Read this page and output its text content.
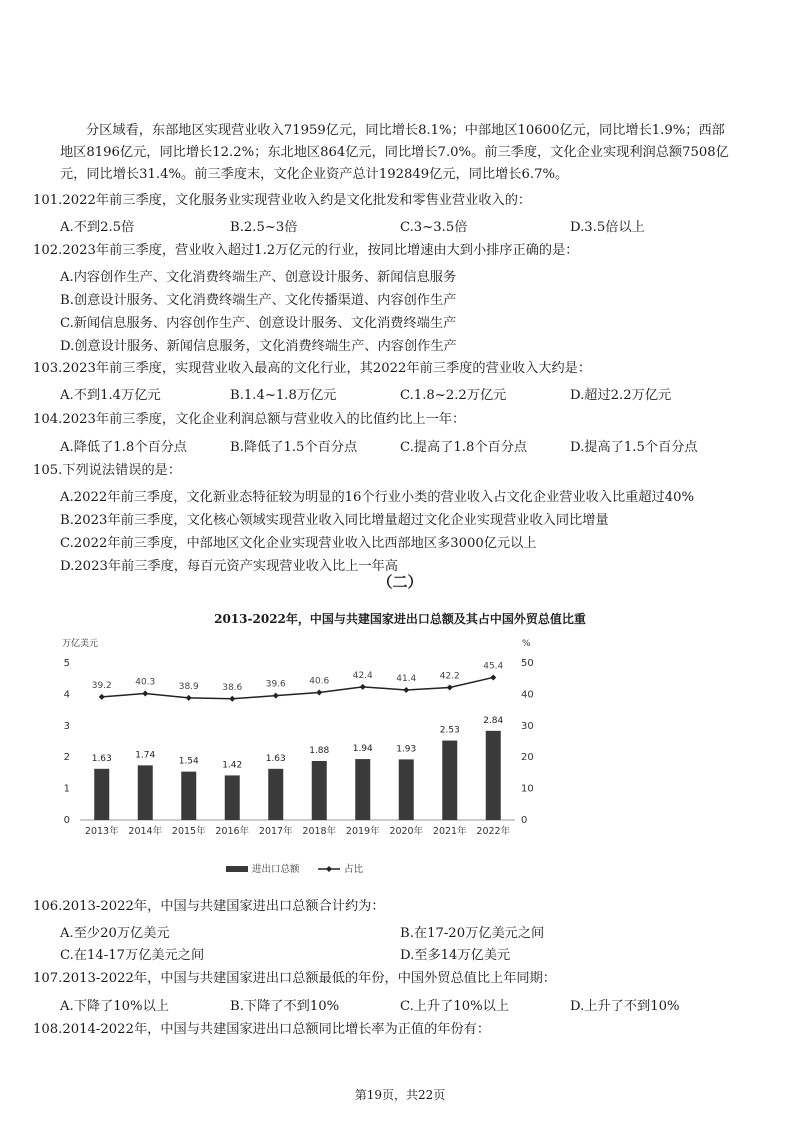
分区域看，东部地区实现营业收入71959亿元，同比增长8.1%；中部地区10600亿元，同比增长1.9%；西部
地区8196亿元，同比增长12.2%；东北地区864亿元，同比增长7.0%。前三季度，文化企业实现利润总额7508亿
元，同比增长31.4%。前三季度末，文化企业资产总计192849亿元，同比增长6.7%。
101.2022年前三季度，文化服务业实现营业收入约是文化批发和零售业营业收入的：
A.不到2.5倍	B.2.5~3倍	C.3~3.5倍	D.3.5倍以上
102.2023年前三季度，营业收入超过1.2万亿元的行业，按同比增速由大到小排序正确的是：
A.内容创作生产、文化消费终端生产、创意设计服务、新闻信息服务
B.创意设计服务、文化消费终端生产、文化传播渠道、内容创作生产
C.新闻信息服务、内容创作生产、创意设计服务、文化消费终端生产
D.创意设计服务、新闻信息服务，文化消费终端生产、内容创作生产
103.2023年前三季度，实现营业收入最高的文化行业，其2022年前三季度的营业收入大约是：
A.不到1.4万亿元	B.1.4~1.8万亿元	C.1.8~2.2万亿元	D.超过2.2万亿元
104.2023年前三季度，文化企业利润总额与营业收入的比值约比上一年：
A.降低了1.8个百分点	B.降低了1.5个百分点	C.提高了1.8个百分点	D.提高了1.5个百分点
105.下列说法错误的是：
A.2022年前三季度，文化新业态特征较为明显的16个行业小类的营业收入占文化企业营业收入比重超过40%
B.2023年前三季度，文化核心领域实现营业收入同比增量超过文化企业实现营业收入同比增量
C.2022年前三季度，中部地区文化企业实现营业收入比西部地区多3000亿元以上
D.2023年前三季度，每百元资产实现营业收入比上一年高
（二）
2013-2022年，中国与共建国家进出口总额及其占中国外贸总值比重
万亿美元	%
0
1
2
3
4
5
0
10
20
30
40
50
1.63	1.74
1.54	1.42
1.63
1.88	1.94	1.93
2.53
2.84
2013年 2014年 2015年 2016年 2017年 2018年 2019年 2020年 2021年 2022年
39.2	40.3	38.9	38.6	39.6	40.6
42.4	41.4	42.2
45.4
进出口总额	占比
106.2013-2022年，中国与共建国家进出口总额合计约为：
A.至少20万亿美元	B.在17-20万亿美元之间
C.在14-17万亿美元之间	D.至多14万亿美元
107.2013-2022年，中国与共建国家进出口总额最低的年份，中国外贸总值比上年同期：
A.下降了10%以上	B.下降了不到10%	C.上升了10%以上	D.上升了不到10%
108.2014-2022年，中国与共建国家进出口总额同比增长率为正值的年份有：
第19页，共22页
